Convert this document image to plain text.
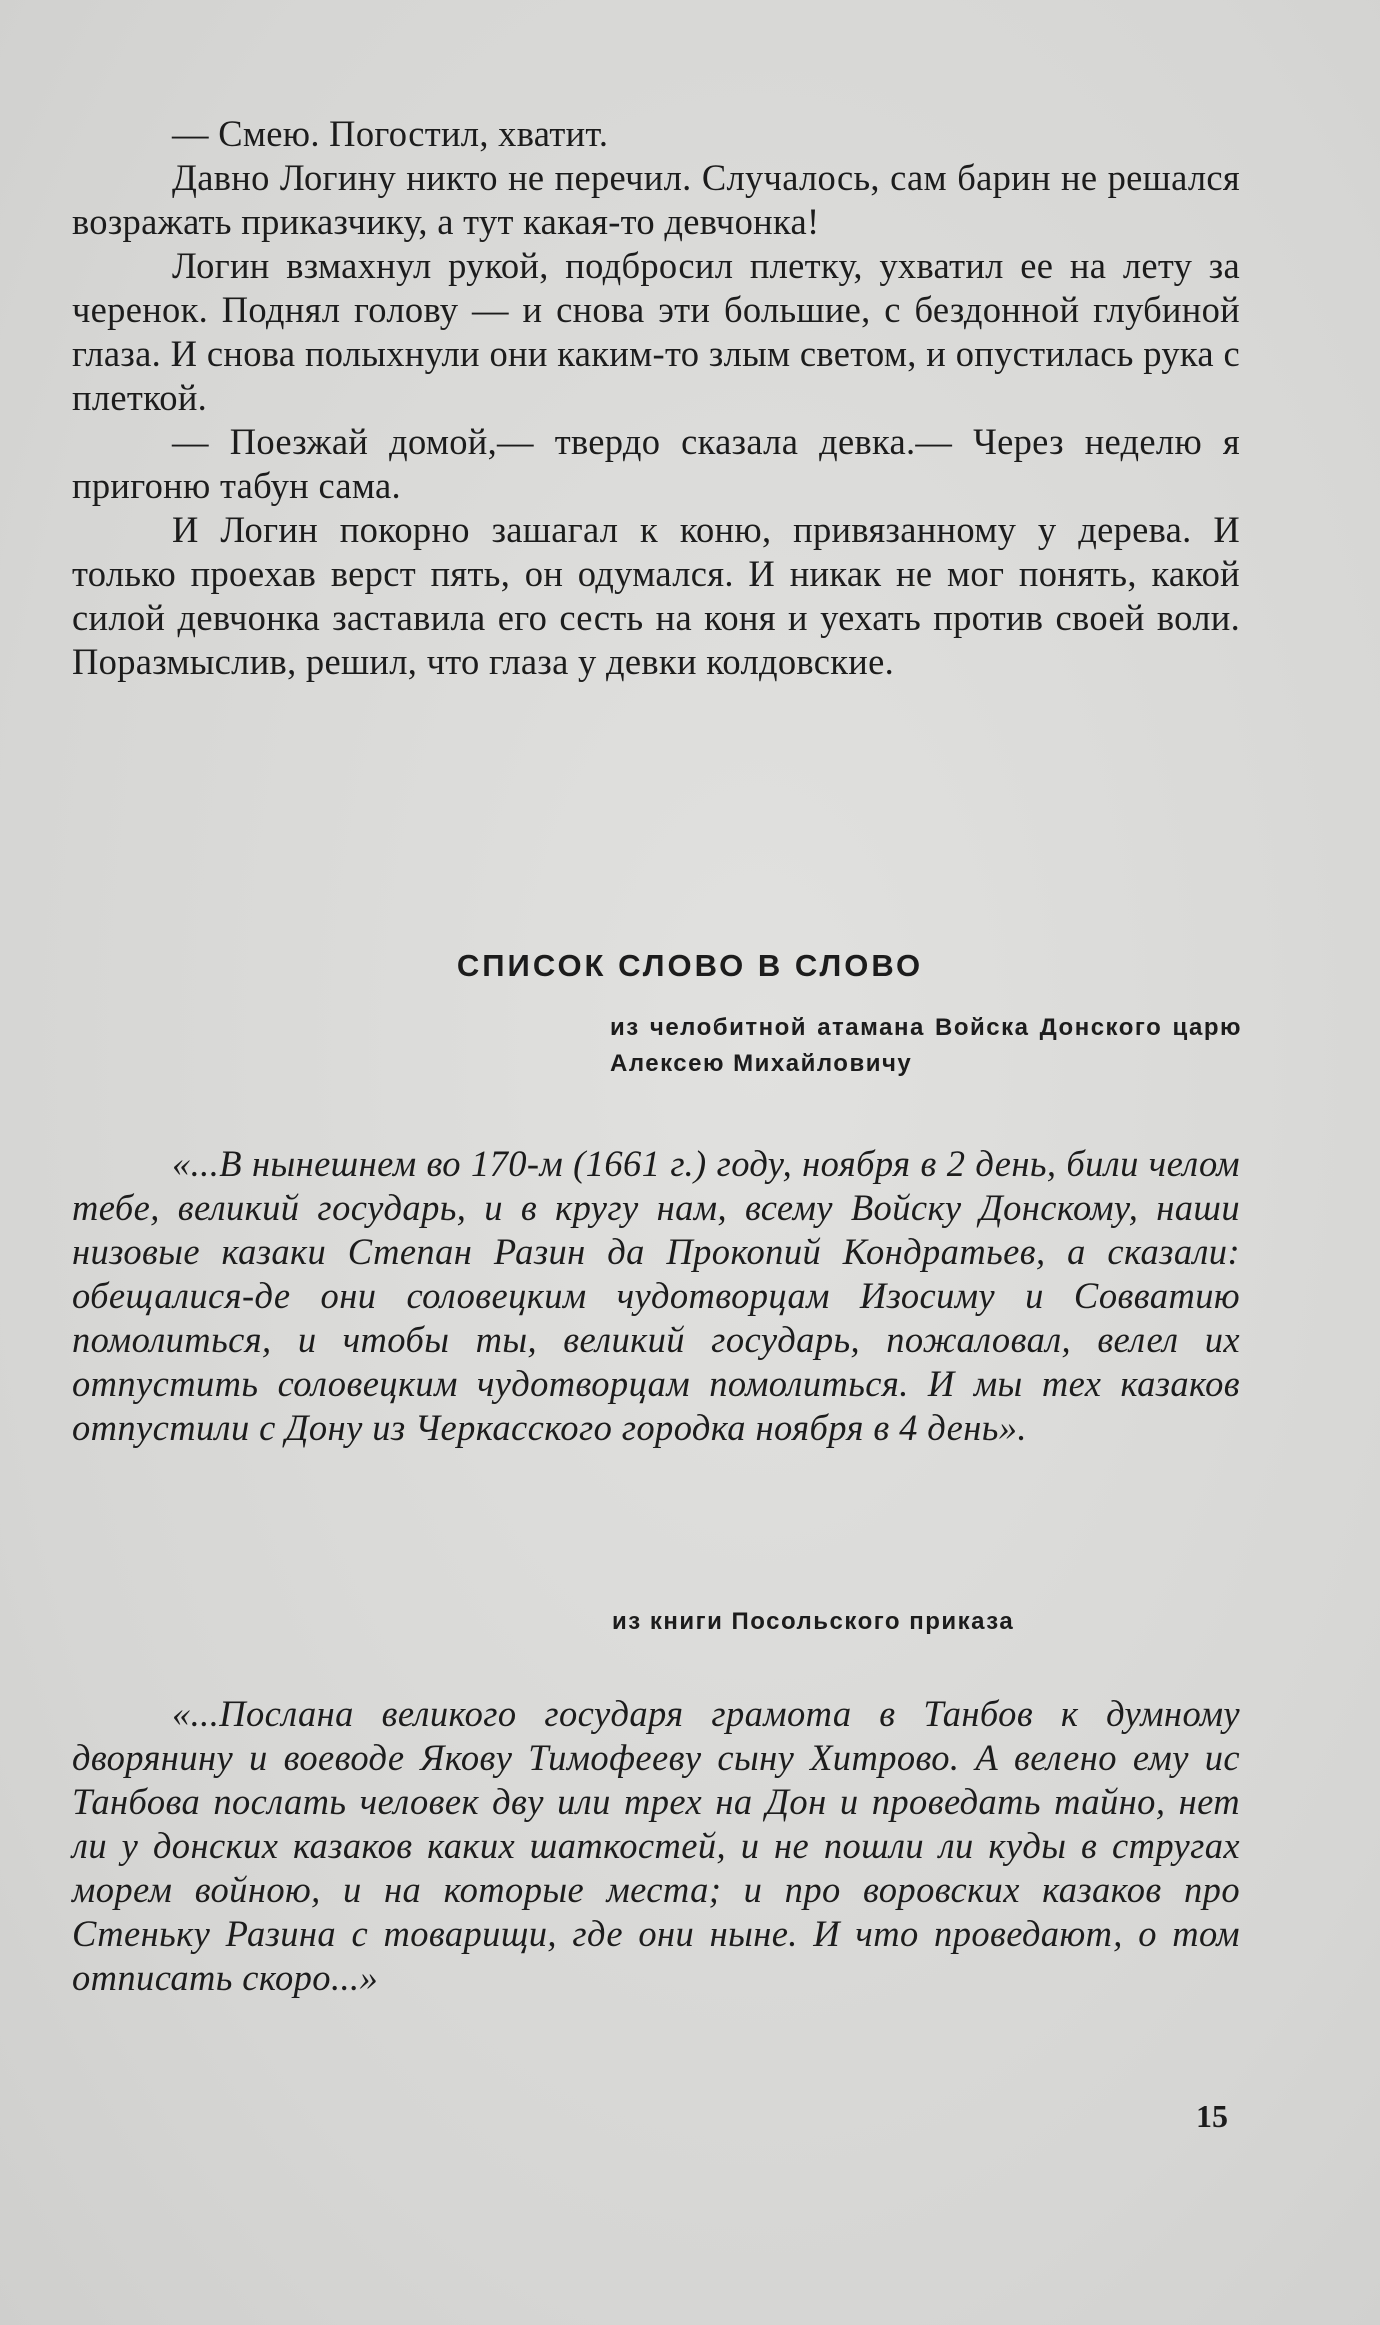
— Смею. Погостил, хватит.

Давно Логину никто не перечил. Случалось, сам барин не решался возражать приказчику, а тут какая-то девчонка!

Логин взмахнул рукой, подбросил плетку, ухватил ее на лету за черенок. Поднял голову — и снова эти большие, с бездонной глубиной глаза. И снова полыхнули они каким-то злым светом, и опустилась рука с плеткой.

— Поезжай домой,— твердо сказала девка.— Через неделю я пригоню табун сама.

И Логин покорно зашагал к коню, привязанному у дерева. И только проехав верст пять, он одумался. И никак не мог понять, какой силой девчонка заставила его сесть на коня и уехать против своей воли. Поразмыслив, решил, что глаза у девки колдовские.

СПИСОК СЛОВО В СЛОВО

из челобитной атамана Войска Донского царю Алексею Михайловичу

«...В нынешнем во 170-м (1661 г.) году, ноября в 2 день, били челом тебе, великий государь, и в кругу нам, всему Войску Донскому, наши низовые казаки Степан Разин да Прокопий Кондратьев, а сказали: обещалися-де они соловецким чудотворцам Изосиму и Совватию помолиться, и чтобы ты, великий государь, пожаловал, велел их отпустить соловецким чудотворцам помолиться. И мы тех казаков отпустили с Дону из Черкасского городка ноября в 4 день».

из книги Посольского приказа

«...Послана великого государя грамота в Танбов к думному дворянину и воеводе Якову Тимофееву сыну Хитрово. А велено ему ис Танбова послать человек дву или трех на Дон и проведать тайно, нет ли у донских казаков каких шаткостей, и не пошли ли куды в стругах морем войною, и на которые места; и про воровских казаков про Стеньку Разина с товарищи, где они ныне. И что проведают, о том отписать скоро...»

15
